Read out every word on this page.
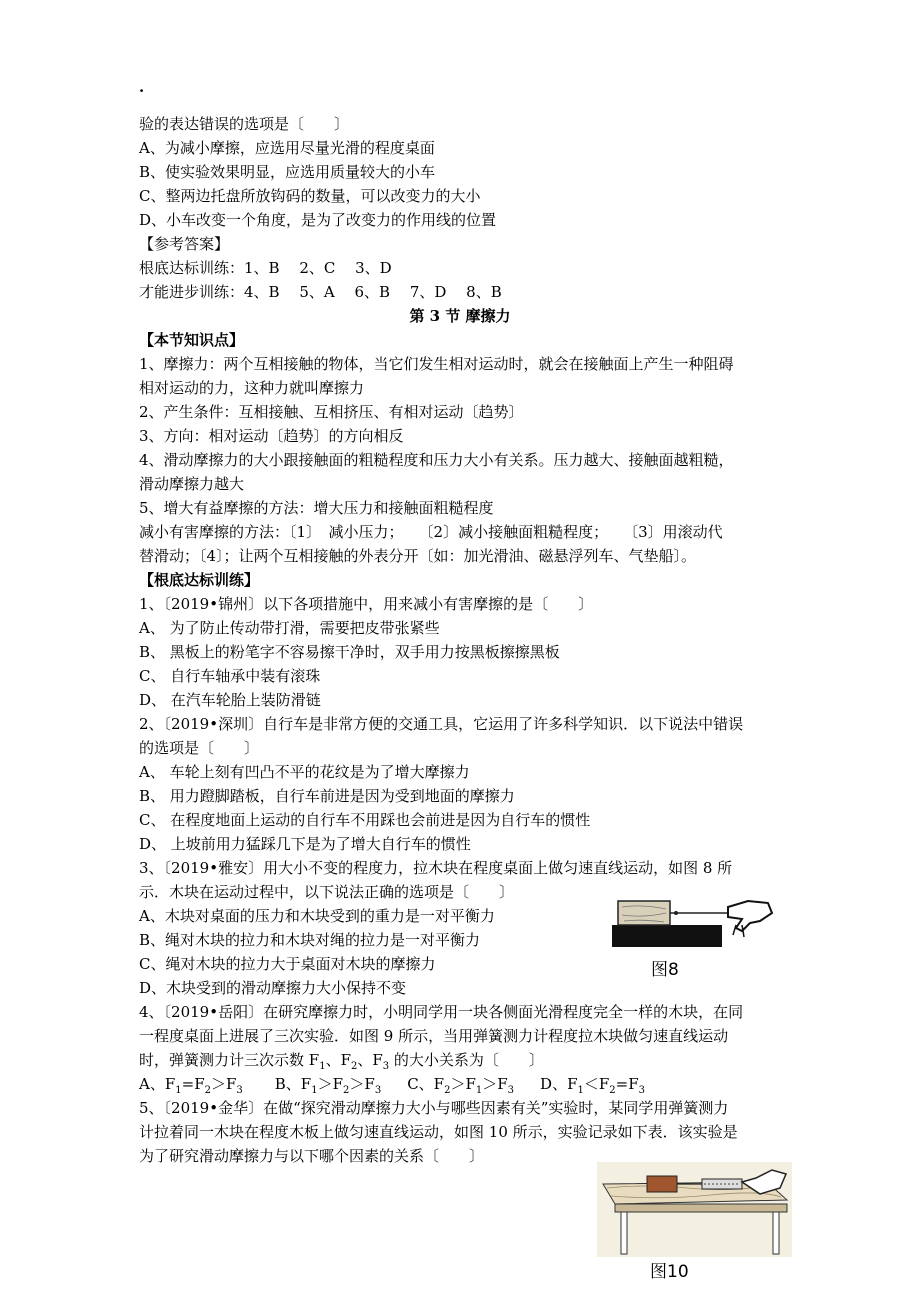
.
验的表达错误的选项是〔　　〕
A、为减小摩擦，应选用尽量光滑的程度桌面
B、使实验效果明显，应选用质量较大的小车
C、整两边托盘所放钩码的数量，可以改变力的大小
D、小车改变一个角度，是为了改变力的作用线的位置
【参考答案】
根底达标训练：1、B　 2、C　 3、D
才能进步训练：4、B　 5、A　 6、B　 7、D　 8、B
第 3 节 摩擦力
【本节知识点】
1、摩擦力：两个互相接触的物体，当它们发生相对运动时，就会在接触面上产生一种阻碍
相对运动的力，这种力就叫摩擦力
2、产生条件：互相接触、互相挤压、有相对运动〔趋势〕
3、方向：相对运动〔趋势〕的方向相反
4、滑动摩擦力的大小跟接触面的粗糙程度和压力大小有关系。压力越大、接触面越粗糙，
滑动摩擦力越大
5、增大有益摩擦的方法：增大压力和接触面粗糙程度
减小有害摩擦的方法：〔1〕　减小压力；　　〔2〕减小接触面粗糙程度；　　〔3〕用滚动代
替滑动；〔4〕；让两个互相接触的外表分开〔如：加光滑油、磁悬浮列车、气垫船〕。
【根底达标训练】
1、〔2019•锦州〕以下各项措施中，用来减小有害摩擦的是〔　　〕
A、 为了防止传动带打滑，需要把皮带张紧些
B、 黑板上的粉笔字不容易擦干净时，双手用力按黑板擦擦黑板
C、 自行车轴承中装有滚珠
D、 在汽车轮胎上装防滑链
2、〔2019•深圳〕自行车是非常方便的交通工具，它运用了许多科学知识．以下说法中错误
的选项是〔　　〕
A、 车轮上刻有凹凸不平的花纹是为了增大摩擦力
B、 用力蹬脚踏板，自行车前进是因为受到地面的摩擦力
C、 在程度地面上运动的自行车不用踩也会前进是因为自行车的惯性
D、 上坡前用力猛踩几下是为了增大自行车的惯性
3、〔2019•雅安〕用大小不变的程度力，拉木块在程度桌面上做匀速直线运动，如图 8 所
示．木块在运动过程中，以下说法正确的选项是〔　　〕
A、木块对桌面的压力和木块受到的重力是一对平衡力
B、绳对木块的拉力和木块对绳的拉力是一对平衡力
C、绳对木块的拉力大于桌面对木块的摩擦力
D、木块受到的滑动摩擦力大小保持不变
4、〔2019•岳阳〕在研究摩擦力时，小明同学用一块各侧面光滑程度完全一样的木块，在同
一程度桌面上进展了三次实验．如图 9 所示，当用弹簧测力计程度拉木块做匀速直线运动
时，弹簧测力计三次示数 $F_1$、$F_2$、$F_3$ 的大小关系为〔　　〕
A、$F_1=F_2>F_3$ B、$F_1>F_2>F_3$ C、$F_2>F_1>F_3$ D、$F_1<F_2=F_3$
5、〔2019•金华〕在做“探究滑动摩擦力大小与哪些因素有关”实验时，某同学用弹簧测力
计拉着同一木块在程度木板上做匀速直线运动，如图 10 所示，实验记录如下表．该实验是
为了研究滑动摩擦力与以下哪个因素的关系〔　　〕
图8
图10
